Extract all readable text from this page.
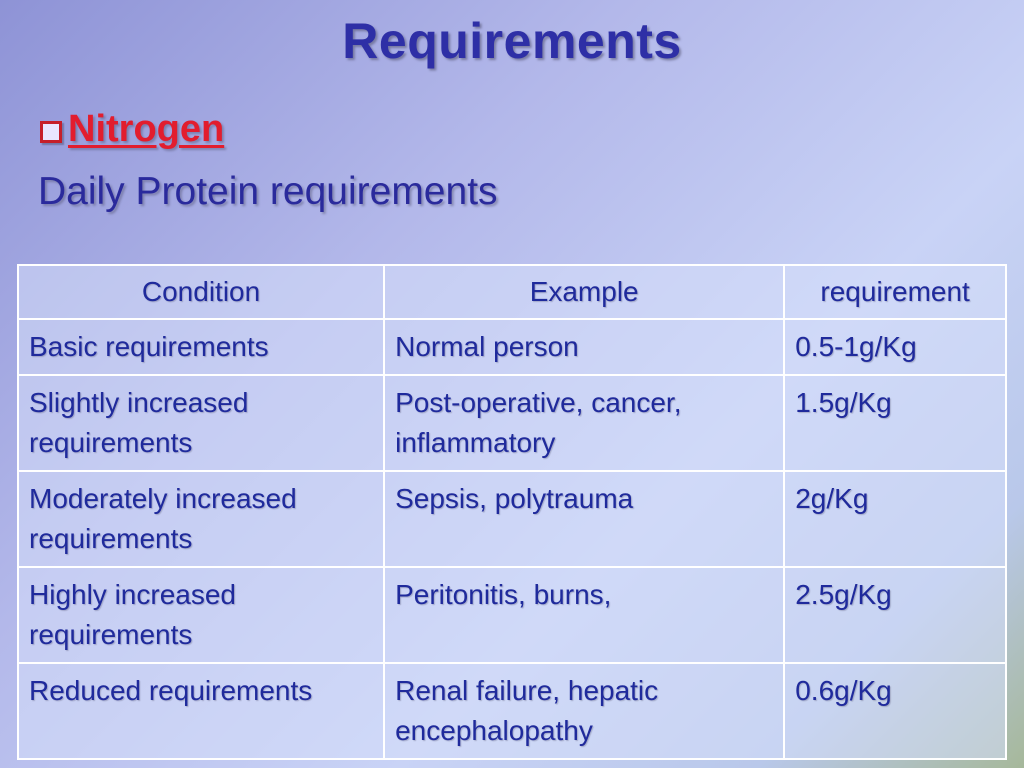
Requirements
Nitrogen
Daily Protein requirements
Condition	Example	requirement
Basic requirements	Normal person	0.5-1g/Kg
Slightly increased requirements	Post-operative, cancer, inflammatory	1.5g/Kg
Moderately increased requirements	Sepsis, polytrauma	2g/Kg
Highly increased requirements	Peritonitis, burns,	2.5g/Kg
Reduced requirements	Renal failure, hepatic encephalopathy	0.6g/Kg
